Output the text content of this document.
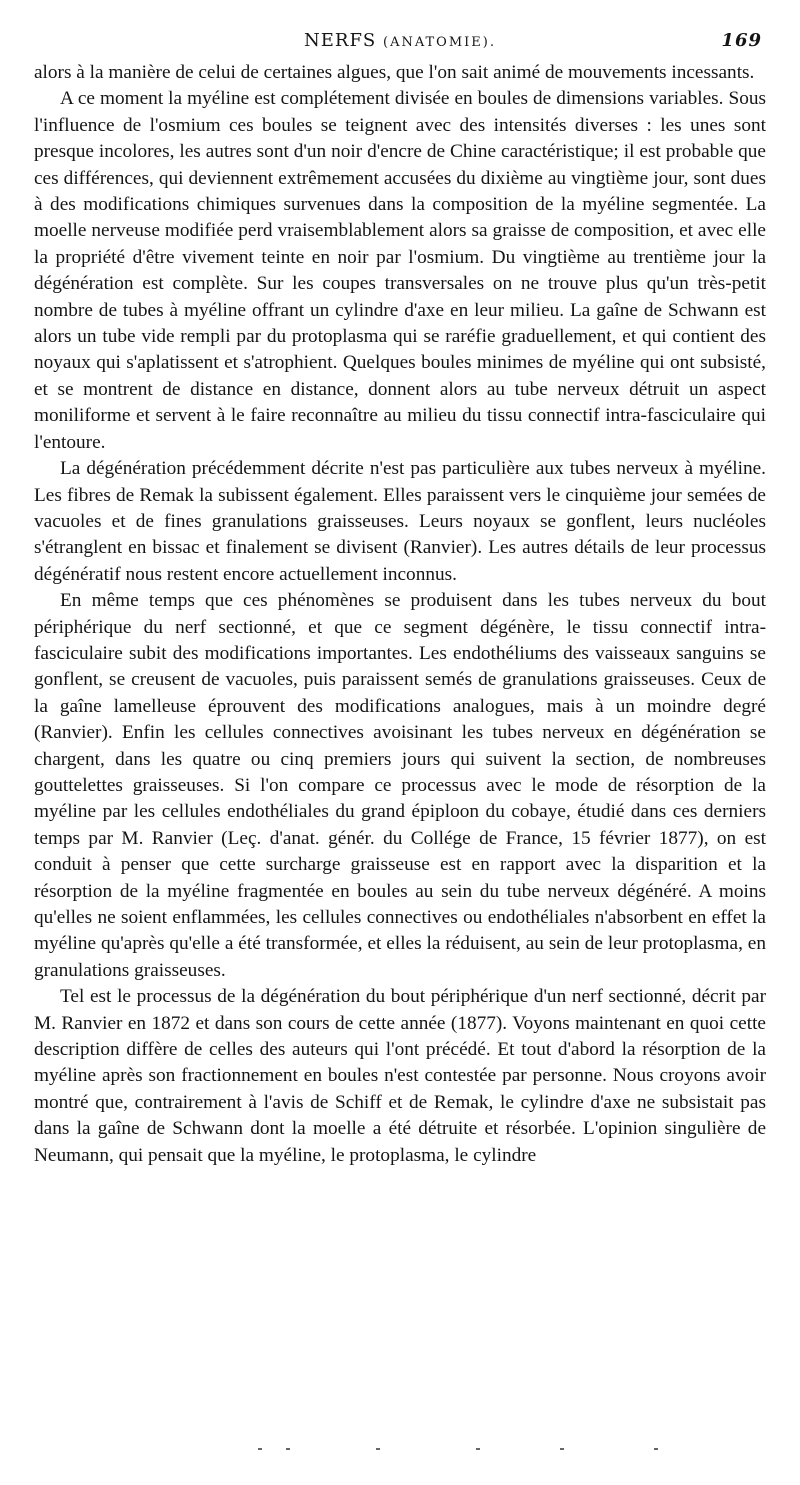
NERFS (ANATOMIE).	169

alors à la manière de celui de certaines algues, que l'on sait animé de mouvements incessants.

A ce moment la myéline est complétement divisée en boules de dimensions variables. Sous l'influence de l'osmium ces boules se teignent avec des intensités diverses : les unes sont presque incolores, les autres sont d'un noir d'encre de Chine caractéristique; il est probable que ces différences, qui deviennent extrêmement accusées du dixième au vingtième jour, sont dues à des modifications chimiques survenues dans la composition de la myéline segmentée. La moelle nerveuse modifiée perd vraisemblablement alors sa graisse de composition, et avec elle la propriété d'être vivement teinte en noir par l'osmium. Du vingtième au trentième jour la dégénération est complète. Sur les coupes transversales on ne trouve plus qu'un très-petit nombre de tubes à myéline offrant un cylindre d'axe en leur milieu. La gaîne de Schwann est alors un tube vide rempli par du protoplasma qui se raréfie graduellement, et qui contient des noyaux qui s'aplatissent et s'atrophient. Quelques boules minimes de myéline qui ont subsisté, et se montrent de distance en distance, donnent alors au tube nerveux détruit un aspect moniliforme et servent à le faire reconnaître au milieu du tissu connectif intra-fasciculaire qui l'entoure.

La dégénération précédemment décrite n'est pas particulière aux tubes nerveux à myéline. Les fibres de Remak la subissent également. Elles paraissent vers le cinquième jour semées de vacuoles et de fines granulations graisseuses. Leurs noyaux se gonflent, leurs nucléoles s'étranglent en bissac et finalement se divisent (Ranvier). Les autres détails de leur processus dégénératif nous restent encore actuellement inconnus.

En même temps que ces phénomènes se produisent dans les tubes nerveux du bout périphérique du nerf sectionné, et que ce segment dégénère, le tissu connectif intra-fasciculaire subit des modifications importantes. Les endothéliums des vaisseaux sanguins se gonflent, se creusent de vacuoles, puis paraissent semés de granulations graisseuses. Ceux de la gaîne lamelleuse éprouvent des modifications analogues, mais à un moindre degré (Ranvier). Enfin les cellules connectives avoisinant les tubes nerveux en dégénération se chargent, dans les quatre ou cinq premiers jours qui suivent la section, de nombreuses gouttelettes graisseuses. Si l'on compare ce processus avec le mode de résorption de la myéline par les cellules endothéliales du grand épiploon du cobaye, étudié dans ces derniers temps par M. Ranvier (Leç. d'anat. génér. du Collége de France, 15 février 1877), on est conduit à penser que cette surcharge graisseuse est en rapport avec la disparition et la résorption de la myéline fragmentée en boules au sein du tube nerveux dégénéré. A moins qu'elles ne soient enflammées, les cellules connectives ou endothéliales n'absorbent en effet la myéline qu'après qu'elle a été transformée, et elles la réduisent, au sein de leur protoplasma, en granulations graisseuses.

Tel est le processus de la dégénération du bout périphérique d'un nerf sectionné, décrit par M. Ranvier en 1872 et dans son cours de cette année (1877). Voyons maintenant en quoi cette description diffère de celles des auteurs qui l'ont précédé. Et tout d'abord la résorption de la myéline après son fractionnement en boules n'est contestée par personne. Nous croyons avoir montré que, contrairement à l'avis de Schiff et de Remak, le cylindre d'axe ne subsistait pas dans la gaîne de Schwann dont la moelle a été détruite et résorbée. L'opinion singulière de Neumann, qui pensait que la myéline, le protoplasma, le cylindre
